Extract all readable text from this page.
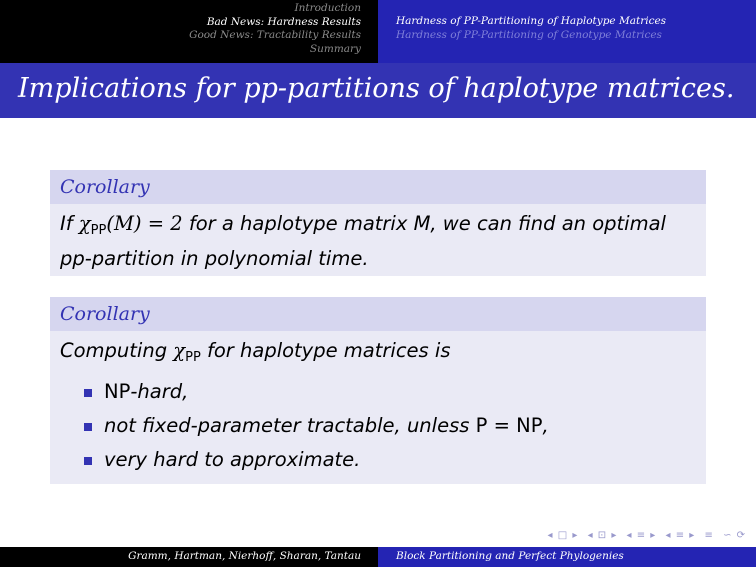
Introduction
Bad News: Hardness Results
Good News: Tractability Results
Summary
Hardness of PP-Partitioning of Haplotype Matrices
Hardness of PP-Partitioning of Genotype Matrices
Implications for pp-partitions of haplotype matrices.
Corollary
If $\chi_{PP}(M) = 2$ for a haplotype matrix M, we can find an optimal
pp-partition in polynomial time.
Corollary
Computing $\chi_{PP}$ for haplotype matrices is
NP-hard,
not fixed-parameter tractable, unless P = NP,
very hard to approximate.
◂ □ ▸ ◂ ⊡ ▸ ◂ ≡ ▸ ◂ ≡ ▸ ≡ ∽ ⟳
Gramm, Hartman, Nierhoff, Sharan, Tantau	Block Partitioning and Perfect Phylogenies
